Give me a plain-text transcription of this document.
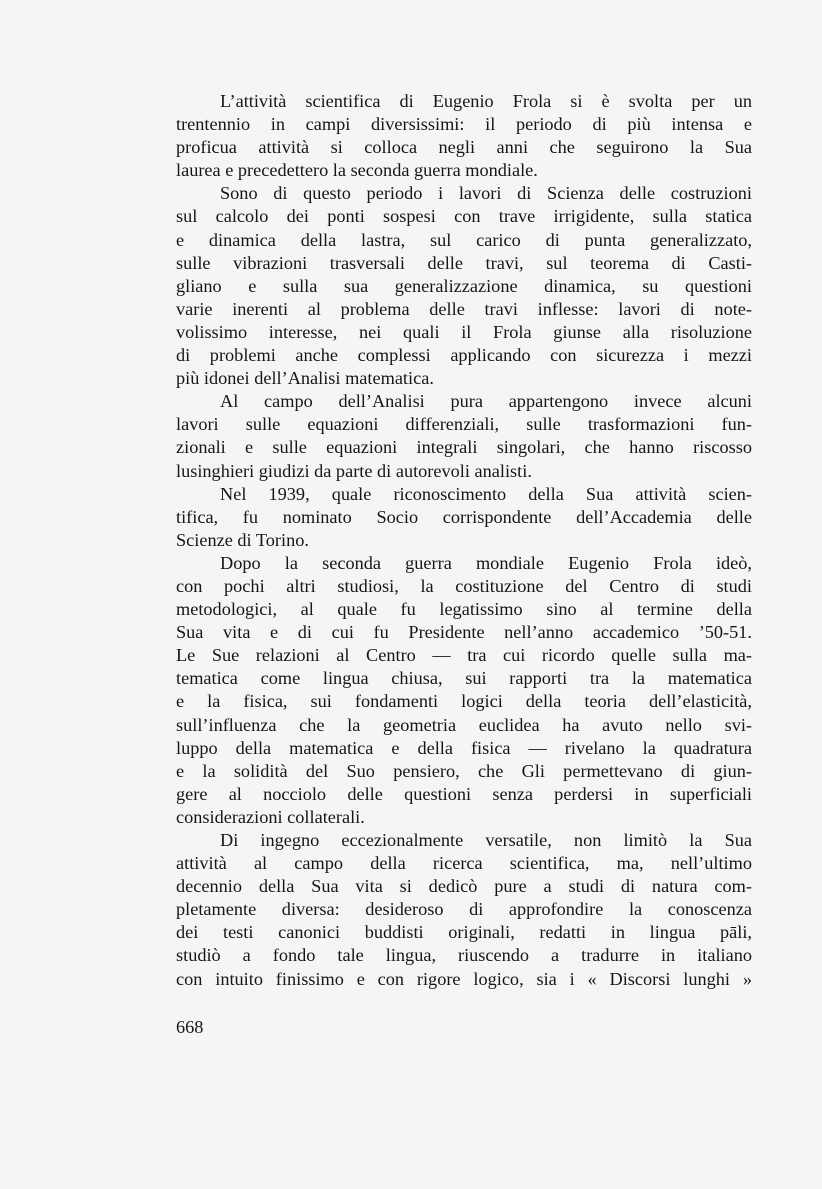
L’attività scientifica di Eugenio Frola si è svolta per un
trentennio in campi diversissimi: il periodo di più intensa e
proficua attività si colloca negli anni che seguirono la Sua
laurea e precedettero la seconda guerra mondiale.
Sono di questo periodo i lavori di Scienza delle costruzioni
sul calcolo dei ponti sospesi con trave irrigidente, sulla statica
e dinamica della lastra, sul carico di punta generalizzato,
sulle vibrazioni trasversali delle travi, sul teorema di Casti-
gliano e sulla sua generalizzazione dinamica, su questioni
varie inerenti al problema delle travi inflesse: lavori di note-
volissimo interesse, nei quali il Frola giunse alla risoluzione
di problemi anche complessi applicando con sicurezza i mezzi
più idonei dell’Analisi matematica.
Al campo dell’Analisi pura appartengono invece alcuni
lavori sulle equazioni differenziali, sulle trasformazioni fun-
zionali e sulle equazioni integrali singolari, che hanno riscosso
lusinghieri giudizi da parte di autorevoli analisti.
Nel 1939, quale riconoscimento della Sua attività scien-
tifica, fu nominato Socio corrispondente dell’Accademia delle
Scienze di Torino.
Dopo la seconda guerra mondiale Eugenio Frola ideò,
con pochi altri studiosi, la costituzione del Centro di studi
metodologici, al quale fu legatissimo sino al termine della
Sua vita e di cui fu Presidente nell’anno accademico ’50-51.
Le Sue relazioni al Centro — tra cui ricordo quelle sulla ma-
tematica come lingua chiusa, sui rapporti tra la matematica
e la fisica, sui fondamenti logici della teoria dell’elasticità,
sull’influenza che la geometria euclidea ha avuto nello svi-
luppo della matematica e della fisica — rivelano la quadratura
e la solidità del Suo pensiero, che Gli permettevano di giun-
gere al nocciolo delle questioni senza perdersi in superficiali
considerazioni collaterali.
Di ingegno eccezionalmente versatile, non limitò la Sua
attività al campo della ricerca scientifica, ma, nell’ultimo
decennio della Sua vita si dedicò pure a studi di natura com-
pletamente diversa: desideroso di approfondire la conoscenza
dei testi canonici buddisti originali, redatti in lingua pāli,
studiò a fondo tale lingua, riuscendo a tradurre in italiano
con intuito finissimo e con rigore logico, sia i « Discorsi lunghi »
668
